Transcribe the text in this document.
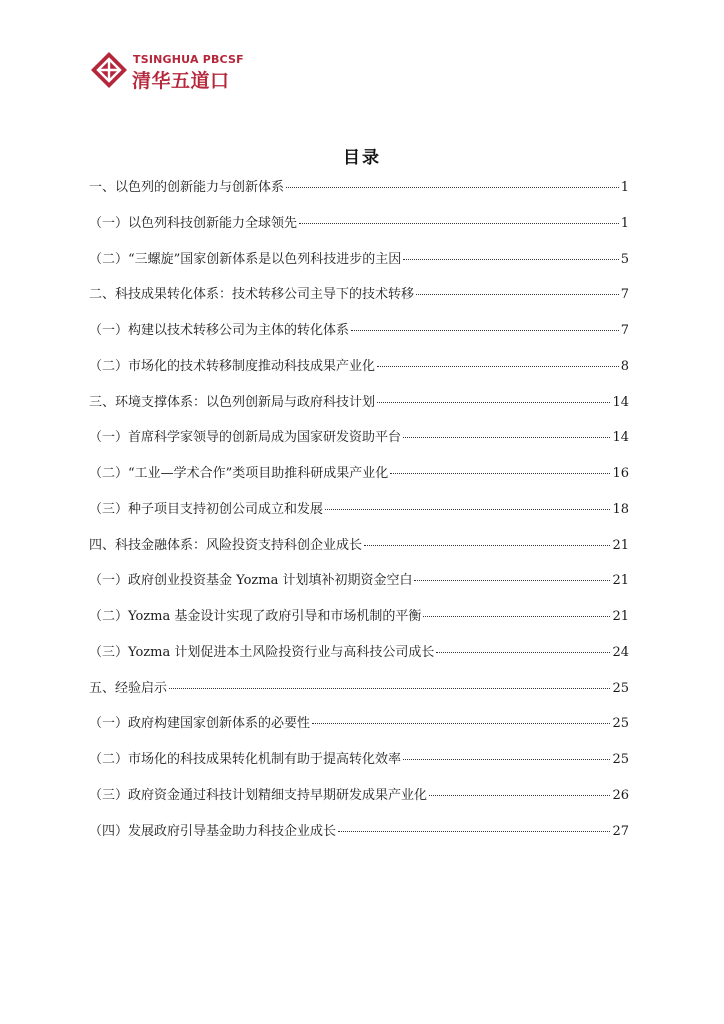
TSINGHUA PBCSF
清华五道口
目录
一、以色列的创新能力与创新体系	1
（一）以色列科技创新能力全球领先	1
（二）“三螺旋”国家创新体系是以色列科技进步的主因	5
二、科技成果转化体系：技术转移公司主导下的技术转移	7
（一）构建以技术转移公司为主体的转化体系	7
（二）市场化的技术转移制度推动科技成果产业化	8
三、环境支撑体系：以色列创新局与政府科技计划	14
（一）首席科学家领导的创新局成为国家研发资助平台	14
（二）“工业—学术合作”类项目助推科研成果产业化	16
（三）种子项目支持初创公司成立和发展	18
四、科技金融体系：风险投资支持科创企业成长	21
（一）政府创业投资基金 Yozma 计划填补初期资金空白	21
（二）Yozma 基金设计实现了政府引导和市场机制的平衡	21
（三）Yozma 计划促进本土风险投资行业与高科技公司成长	24
五、经验启示	25
（一）政府构建国家创新体系的必要性	25
（二）市场化的科技成果转化机制有助于提高转化效率	25
（三）政府资金通过科技计划精细支持早期研发成果产业化	26
（四）发展政府引导基金助力科技企业成长	27
